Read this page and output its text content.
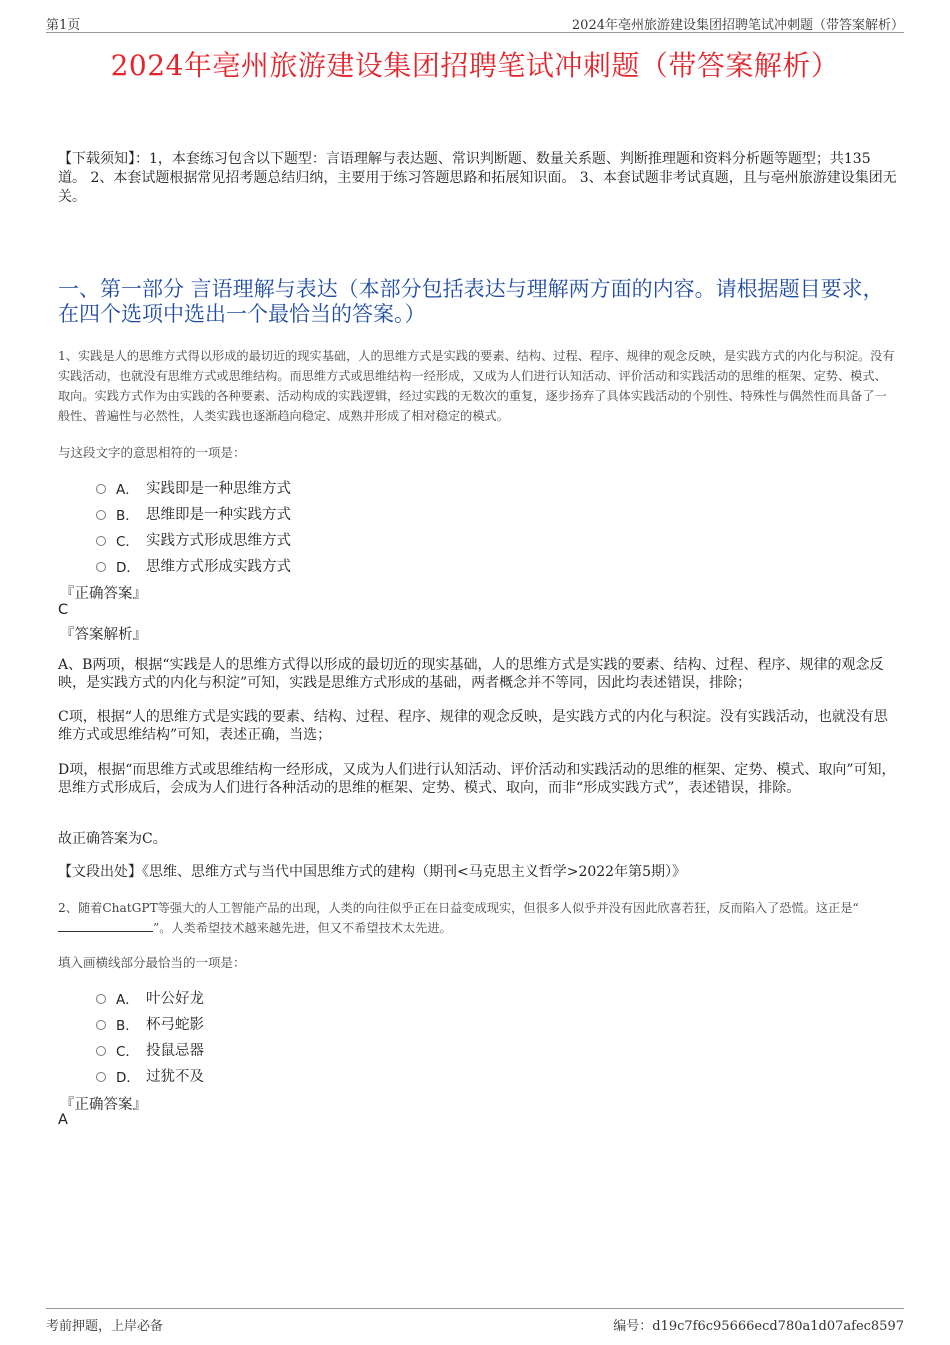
第1页	2024年亳州旅游建设集团招聘笔试冲刺题（带答案解析）
2024年亳州旅游建设集团招聘笔试冲刺题（带答案解析）
【下载须知】：1，本套练习包含以下题型：言语理解与表达题、常识判断题、数量关系题、判断推理题和资料分析题等题型；共135道。 2、本套试题根据常见招考题总结归纳，主要用于练习答题思路和拓展知识面。 3、本套试题非考试真题，且与亳州旅游建设集团无关。
一、第一部分 言语理解与表达（本部分包括表达与理解两方面的内容。请根据题目要求，在四个选项中选出一个最恰当的答案。）
1、实践是人的思维方式得以形成的最切近的现实基础，人的思维方式是实践的要素、结构、过程、程序、规律的观念反映，是实践方式的内化与积淀。没有实践活动，也就没有思维方式或思维结构。而思维方式或思维结构一经形成，又成为人们进行认知活动、评价活动和实践活动的思维的框架、定势、模式、取向。实践方式作为由实践的各种要素、活动构成的实践逻辑，经过实践的无数次的重复，逐步扬弃了具体实践活动的个别性、特殊性与偶然性而具备了一般性、普遍性与必然性，人类实践也逐渐趋向稳定、成熟并形成了相对稳定的模式。
与这段文字的意思相符的一项是：
A． 实践即是一种思维方式
B． 思维即是一种实践方式
C． 实践方式形成思维方式
D． 思维方式形成实践方式
『正确答案』
C
『答案解析』
A、B两项，根据“实践是人的思维方式得以形成的最切近的现实基础，人的思维方式是实践的要素、结构、过程、程序、规律的观念反映，是实践方式的内化与积淀”可知，实践是思维方式形成的基础，两者概念并不等同，因此均表述错误，排除；
C项，根据“人的思维方式是实践的要素、结构、过程、程序、规律的观念反映，是实践方式的内化与积淀。没有实践活动，也就没有思维方式或思维结构”可知，表述正确，当选；
D项，根据“而思维方式或思维结构一经形成，又成为人们进行认知活动、评价活动和实践活动的思维的框架、定势、模式、取向”可知，思维方式形成后，会成为人们进行各种活动的思维的框架、定势、模式、取向，而非“形成实践方式”，表述错误，排除。
故正确答案为C。
【文段出处】《思维、思维方式与当代中国思维方式的建构（期刊<马克思主义哲学>2022年第5期）》
2、随着ChatGPT等强大的人工智能产品的出现，人类的向往似乎正在日益变成现实，但很多人似乎并没有因此欣喜若狂，反而陷入了恐慌。这正是“”。人类希望技术越来越先进，但又不希望技术太先进。
填入画横线部分最恰当的一项是：
A． 叶公好龙
B． 杯弓蛇影
C． 投鼠忌器
D． 过犹不及
『正确答案』
A
考前押题，上岸必备	编号：d19c7f6c95666ecd780a1d07afec8597
